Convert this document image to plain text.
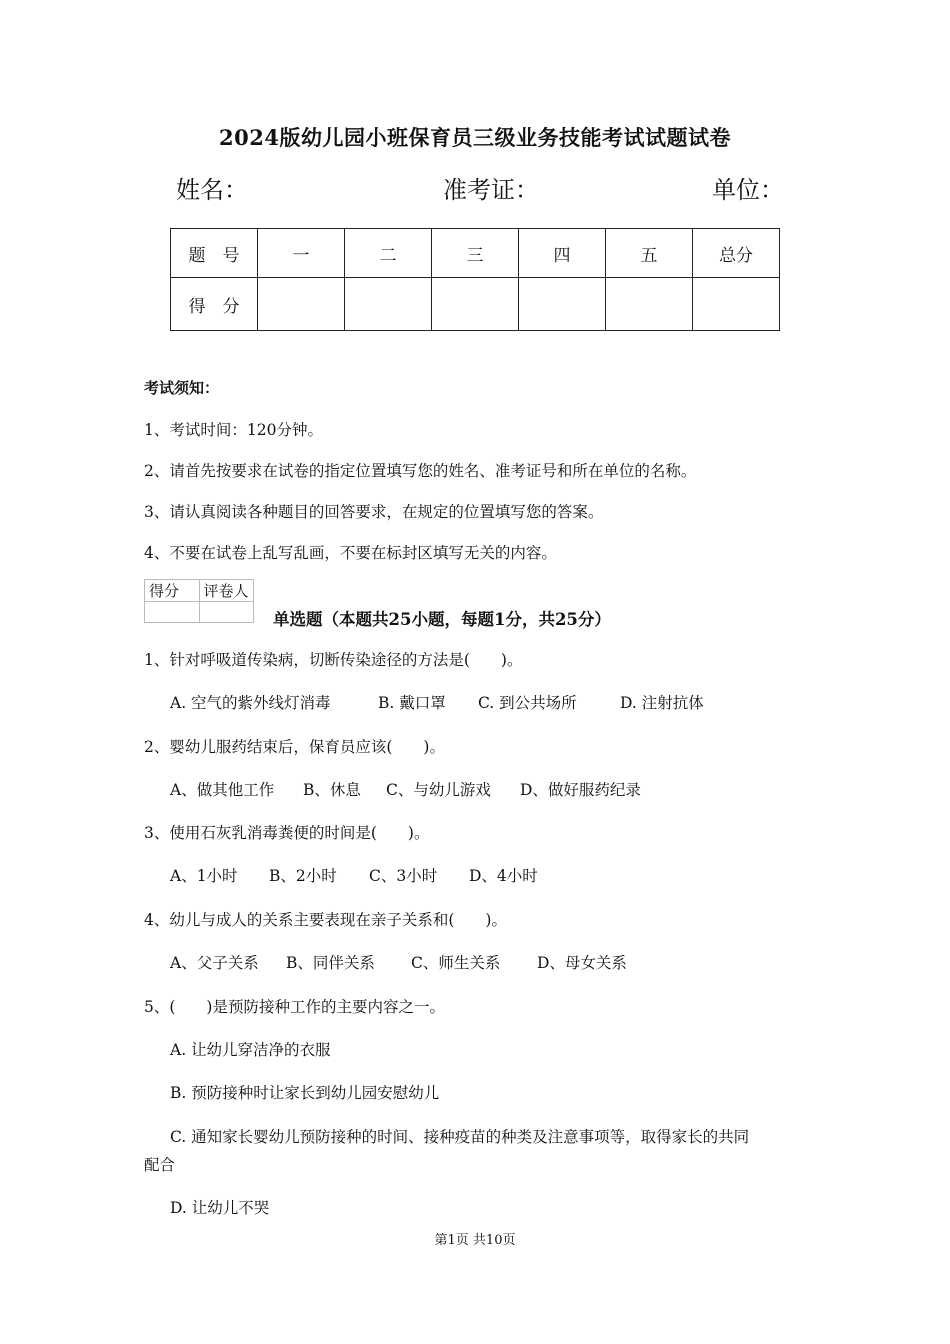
2024版幼儿园小班保育员三级业务技能考试试题试卷
姓名：	准考证：	单位：
题　号	一	二	三	四	五	总分
得　分						
考试须知：
1、考试时间：120分钟。
2、请首先按要求在试卷的指定位置填写您的姓名、准考证号和所在单位的名称。
3、请认真阅读各种题目的回答要求，在规定的位置填写您的答案。
4、不要在试卷上乱写乱画，不要在标封区填写无关的内容。
得分	评卷人

单选题（本题共25小题，每题1分，共25分）
1、针对呼吸道传染病，切断传染途径的方法是(　　)。
A. 空气的紫外线灯消毒	B. 戴口罩 C. 到公共场所	D. 注射抗体
2、婴幼儿服药结束后，保育员应该(　　)。
A、做其他工作 B、休息 C、与幼儿游戏 D、做好服药纪录
3、使用石灰乳消毒粪便的时间是(　　)。
A、1小时 B、2小时 C、3小时 D、4小时
4、幼儿与成人的关系主要表现在亲子关系和(　　)。
A、父子关系 B、同伴关系 C、师生关系 D、母女关系
5、(　　)是预防接种工作的主要内容之一。
A. 让幼儿穿洁净的衣服
B. 预防接种时让家长到幼儿园安慰幼儿
C. 通知家长婴幼儿预防接种的时间、接种疫苗的种类及注意事项等，取得家长的共同
配合
D. 让幼儿不哭
第1页 共10页
